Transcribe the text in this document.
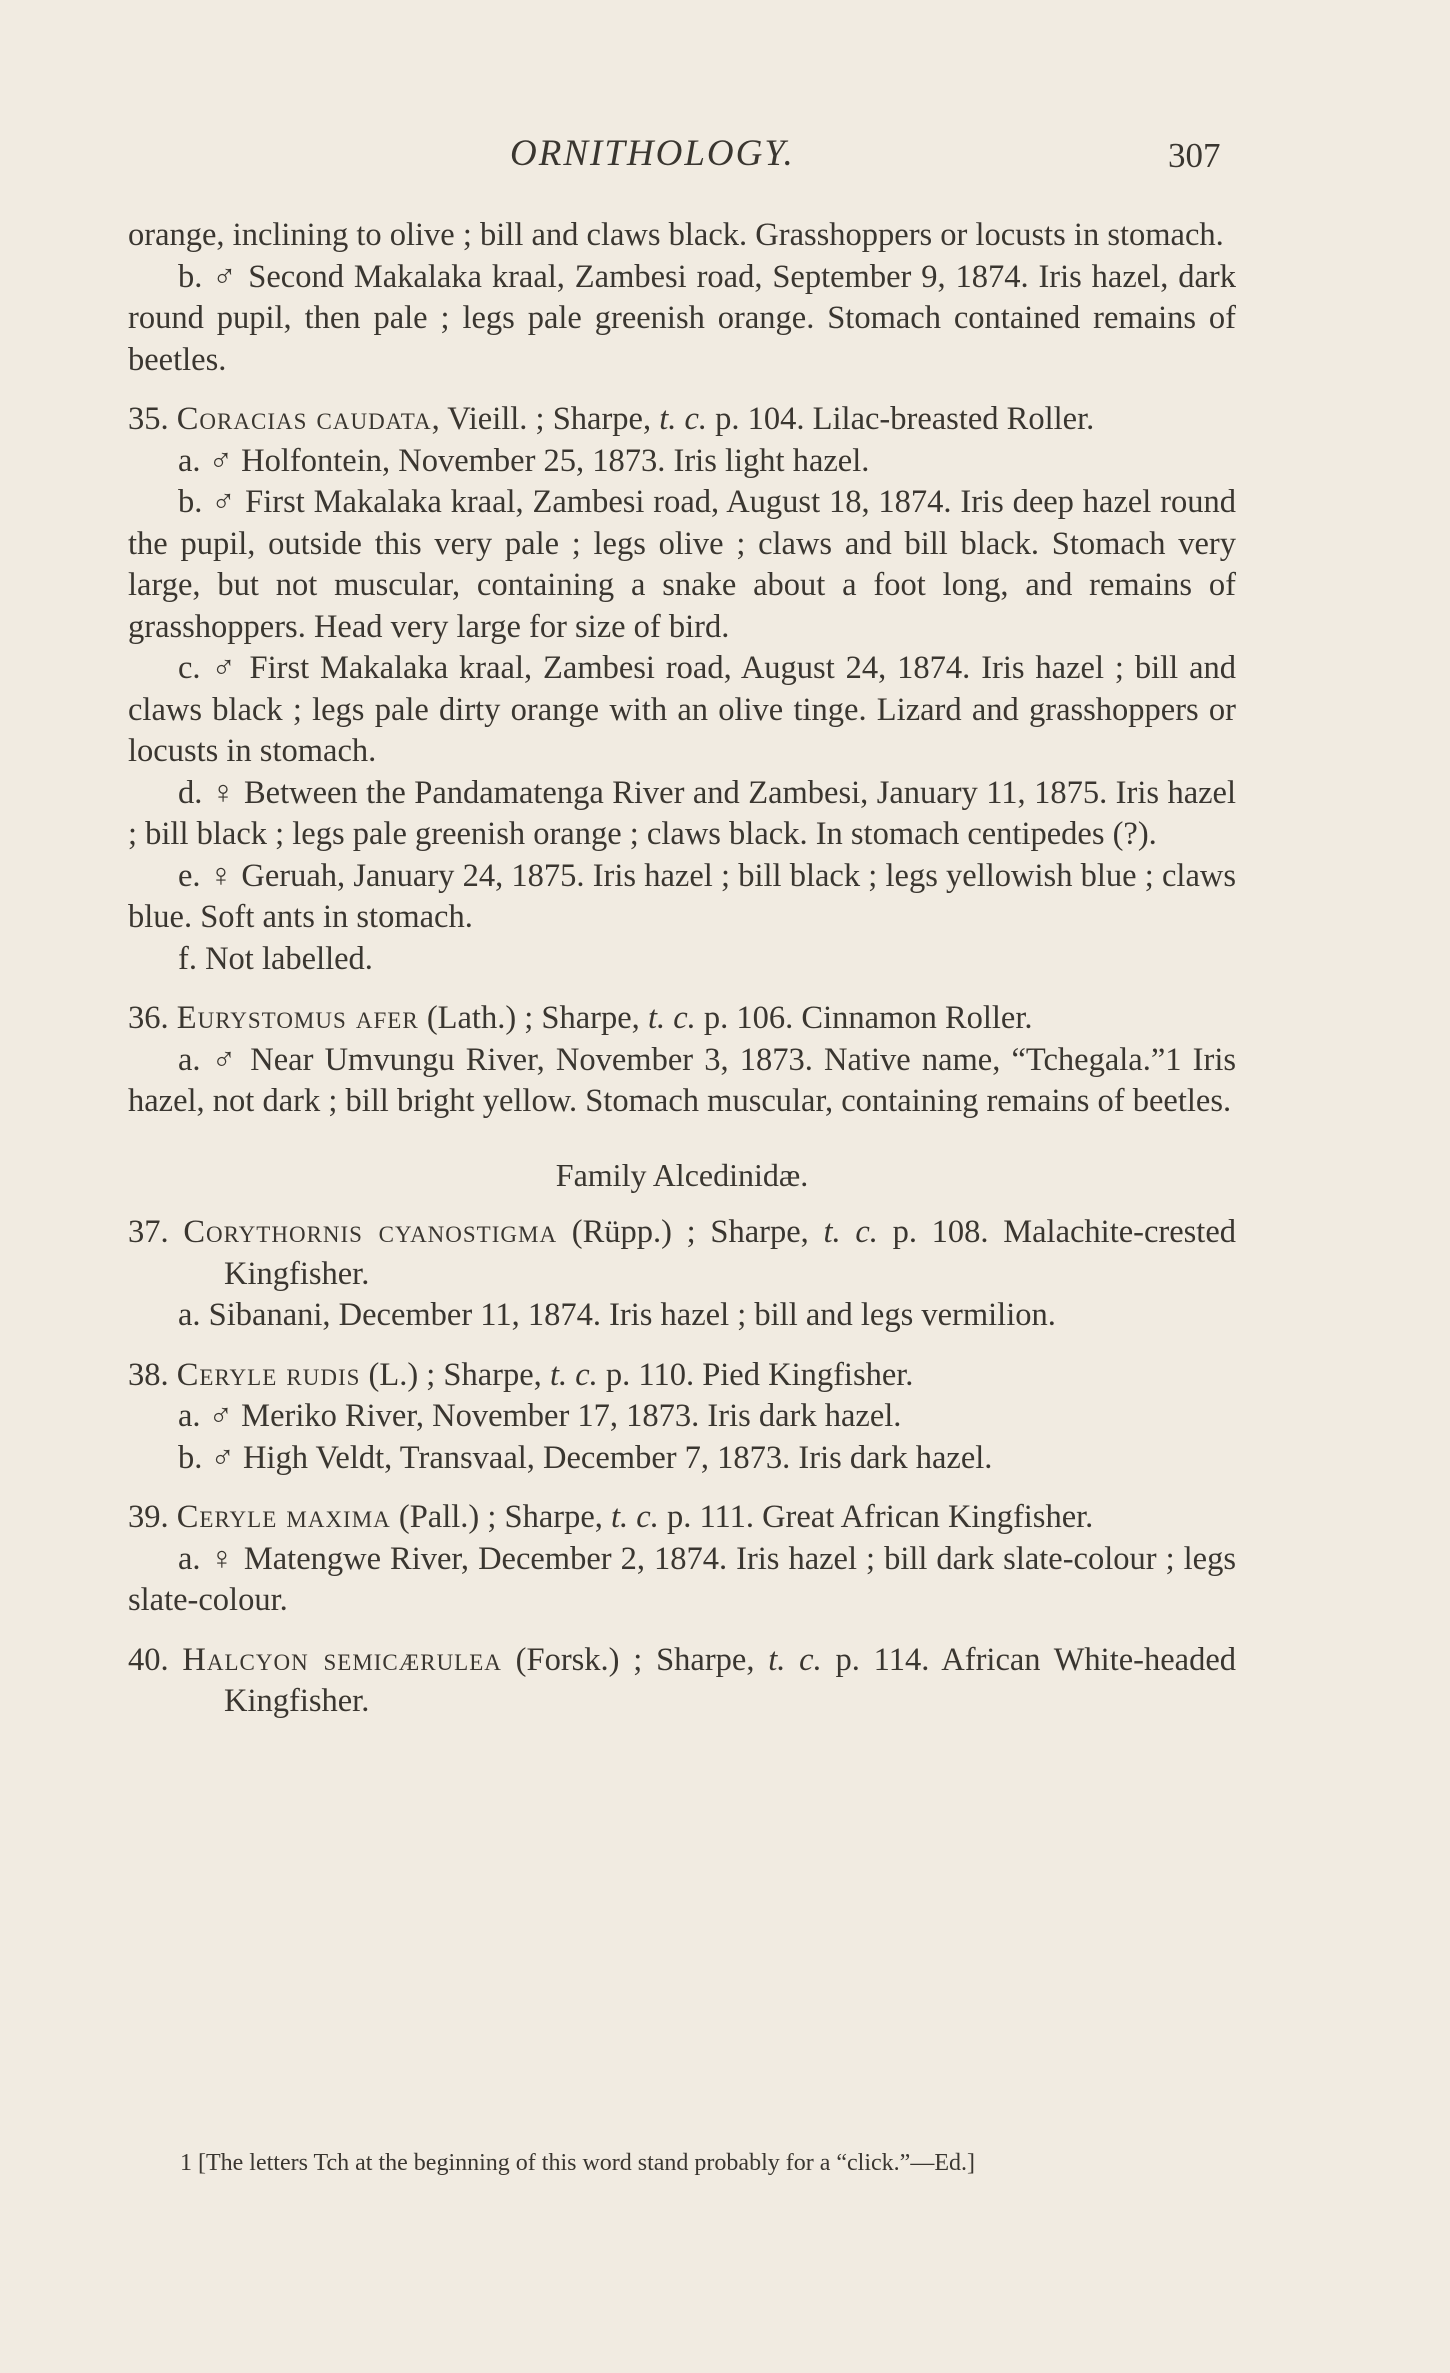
ORNITHOLOGY.	307

orange, inclining to olive ; bill and claws black. Grasshoppers or locusts in stomach.

b. ♂ Second Makalaka kraal, Zambesi road, September 9, 1874. Iris hazel, dark round pupil, then pale ; legs pale greenish orange. Stomach contained remains of beetles.

35. Coracias caudata, Vieill. ; Sharpe, t. c. p. 104. Lilac-breasted Roller.

a. ♂ Holfontein, November 25, 1873. Iris light hazel.

b. ♂ First Makalaka kraal, Zambesi road, August 18, 1874. Iris deep hazel round the pupil, outside this very pale ; legs olive ; claws and bill black. Stomach very large, but not muscular, containing a snake about a foot long, and remains of grasshoppers. Head very large for size of bird.

c. ♂ First Makalaka kraal, Zambesi road, August 24, 1874. Iris hazel ; bill and claws black ; legs pale dirty orange with an olive tinge. Lizard and grasshoppers or locusts in stomach.

d. ♀ Between the Pandamatenga River and Zambesi, January 11, 1875. Iris hazel ; bill black ; legs pale greenish orange ; claws black. In stomach centipedes (?).

e. ♀ Geruah, January 24, 1875. Iris hazel ; bill black ; legs yellowish blue ; claws blue. Soft ants in stomach.

f. Not labelled.

36. Eurystomus afer (Lath.) ; Sharpe, t. c. p. 106. Cinnamon Roller.

a. ♂ Near Umvungu River, November 3, 1873. Native name, “Tchegala.”1 Iris hazel, not dark ; bill bright yellow. Stomach muscular, containing remains of beetles.

Family Alcedinidæ.

37. Corythornis cyanostigma (Rüpp.) ; Sharpe, t. c. p. 108. Malachite-crested Kingfisher.

a. Sibanani, December 11, 1874. Iris hazel ; bill and legs vermilion.

38. Ceryle rudis (L.) ; Sharpe, t. c. p. 110. Pied Kingfisher.

a. ♂ Meriko River, November 17, 1873. Iris dark hazel.

b. ♂ High Veldt, Transvaal, December 7, 1873. Iris dark hazel.

39. Ceryle maxima (Pall.) ; Sharpe, t. c. p. 111. Great African Kingfisher.

a. ♀ Matengwe River, December 2, 1874. Iris hazel ; bill dark slate-colour ; legs slate-colour.

40. Halcyon semicærulea (Forsk.) ; Sharpe, t. c. p. 114. African White-headed Kingfisher.

1 [The letters Tch at the beginning of this word stand probably for a “click.”—Ed.]
